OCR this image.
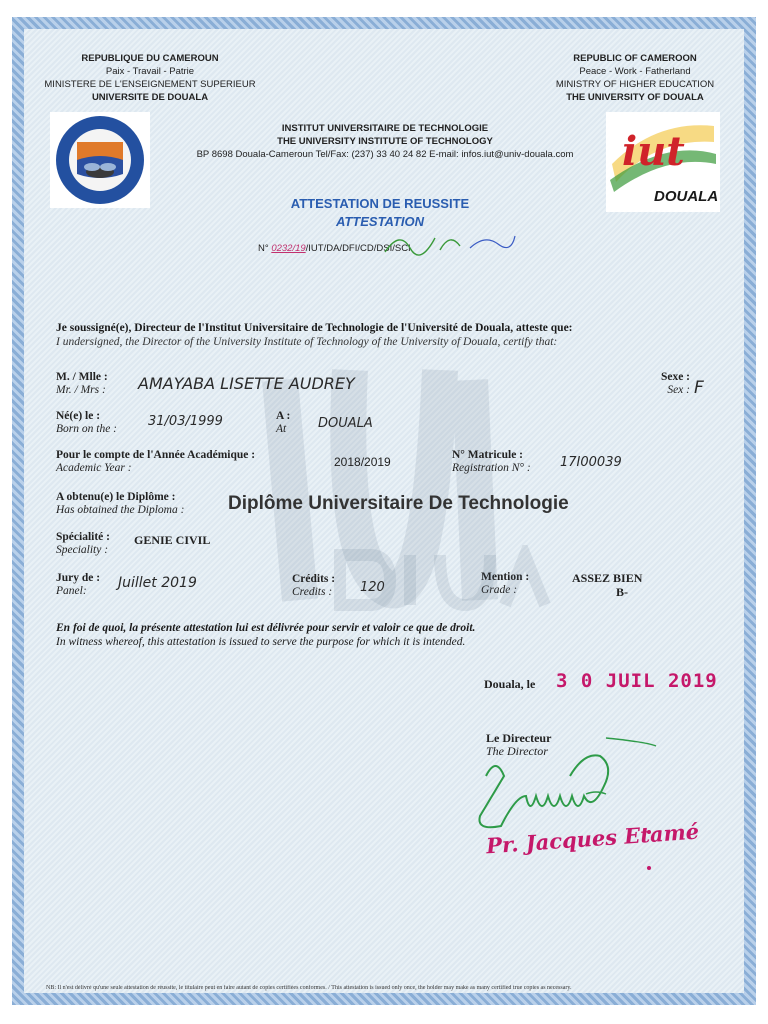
REPUBLIQUE DU CAMEROUN
Paix - Travail - Patrie
MINISTERE DE L'ENSEIGNEMENT SUPERIEUR
UNIVERSITE DE DOUALA
REPUBLIC OF CAMEROON
Peace - Work - Fatherland
MINISTRY OF HIGHER EDUCATION
THE UNIVERSITY OF DOUALA
iut
DOUALA
INSTITUT UNIVERSITAIRE DE TECHNOLOGIE
THE UNIVERSITY INSTITUTE OF TECHNOLOGY
BP 8698 Douala-Cameroun Tel/Fax: (237) 33 40 24 82 E-mail: infos.iut@univ-douala.com
ATTESTATION DE REUSSITE
ATTESTATION
N° 0232/19/IUT/DA/DFI/CD/DSI/SCI
Je soussigné(e), Directeur de l'Institut Universitaire de Technologie de l'Université de Douala, atteste que:
I undersigned, the Director of the University Institute of Technology of the University of Douala, certify that:
M. / Mlle :
Mr. / Mrs : AMAYABA LISETTE AUDREY	Sexe :
Sex : F
Né(e) le :
Born on the : 31/03/1999	A :
At	DOUALA
Pour le compte de l'Année Académique :
Academic Year :	2018/2019	N° Matricule :
Registration N° : 17I00039
A obtenu(e) le Diplôme :
Has obtained the Diploma : Diplôme Universitaire De Technologie
Spécialité :
Speciality :
GENIE CIVIL
Jury de :
Panel:	Juillet 2019	Crédits :
Credits : 120
Mention :
Grade :
ASSEZ BIEN
B-
En foi de quoi, la présente attestation lui est délivrée pour servir et valoir ce que de droit.
In witness whereof, this attestation is issued to serve the purpose for which it is intended.
Douala, le 3 0 JUIL 2019
Le Directeur
The Director
Pr. Jacques Etamé
NB: Il n'est délivré qu'une seule attestation de réussite, le titulaire peut en faire autant de copies certifiées conformes. / This attestation is issued only once, the holder may make as many certified true copies as necessary.
